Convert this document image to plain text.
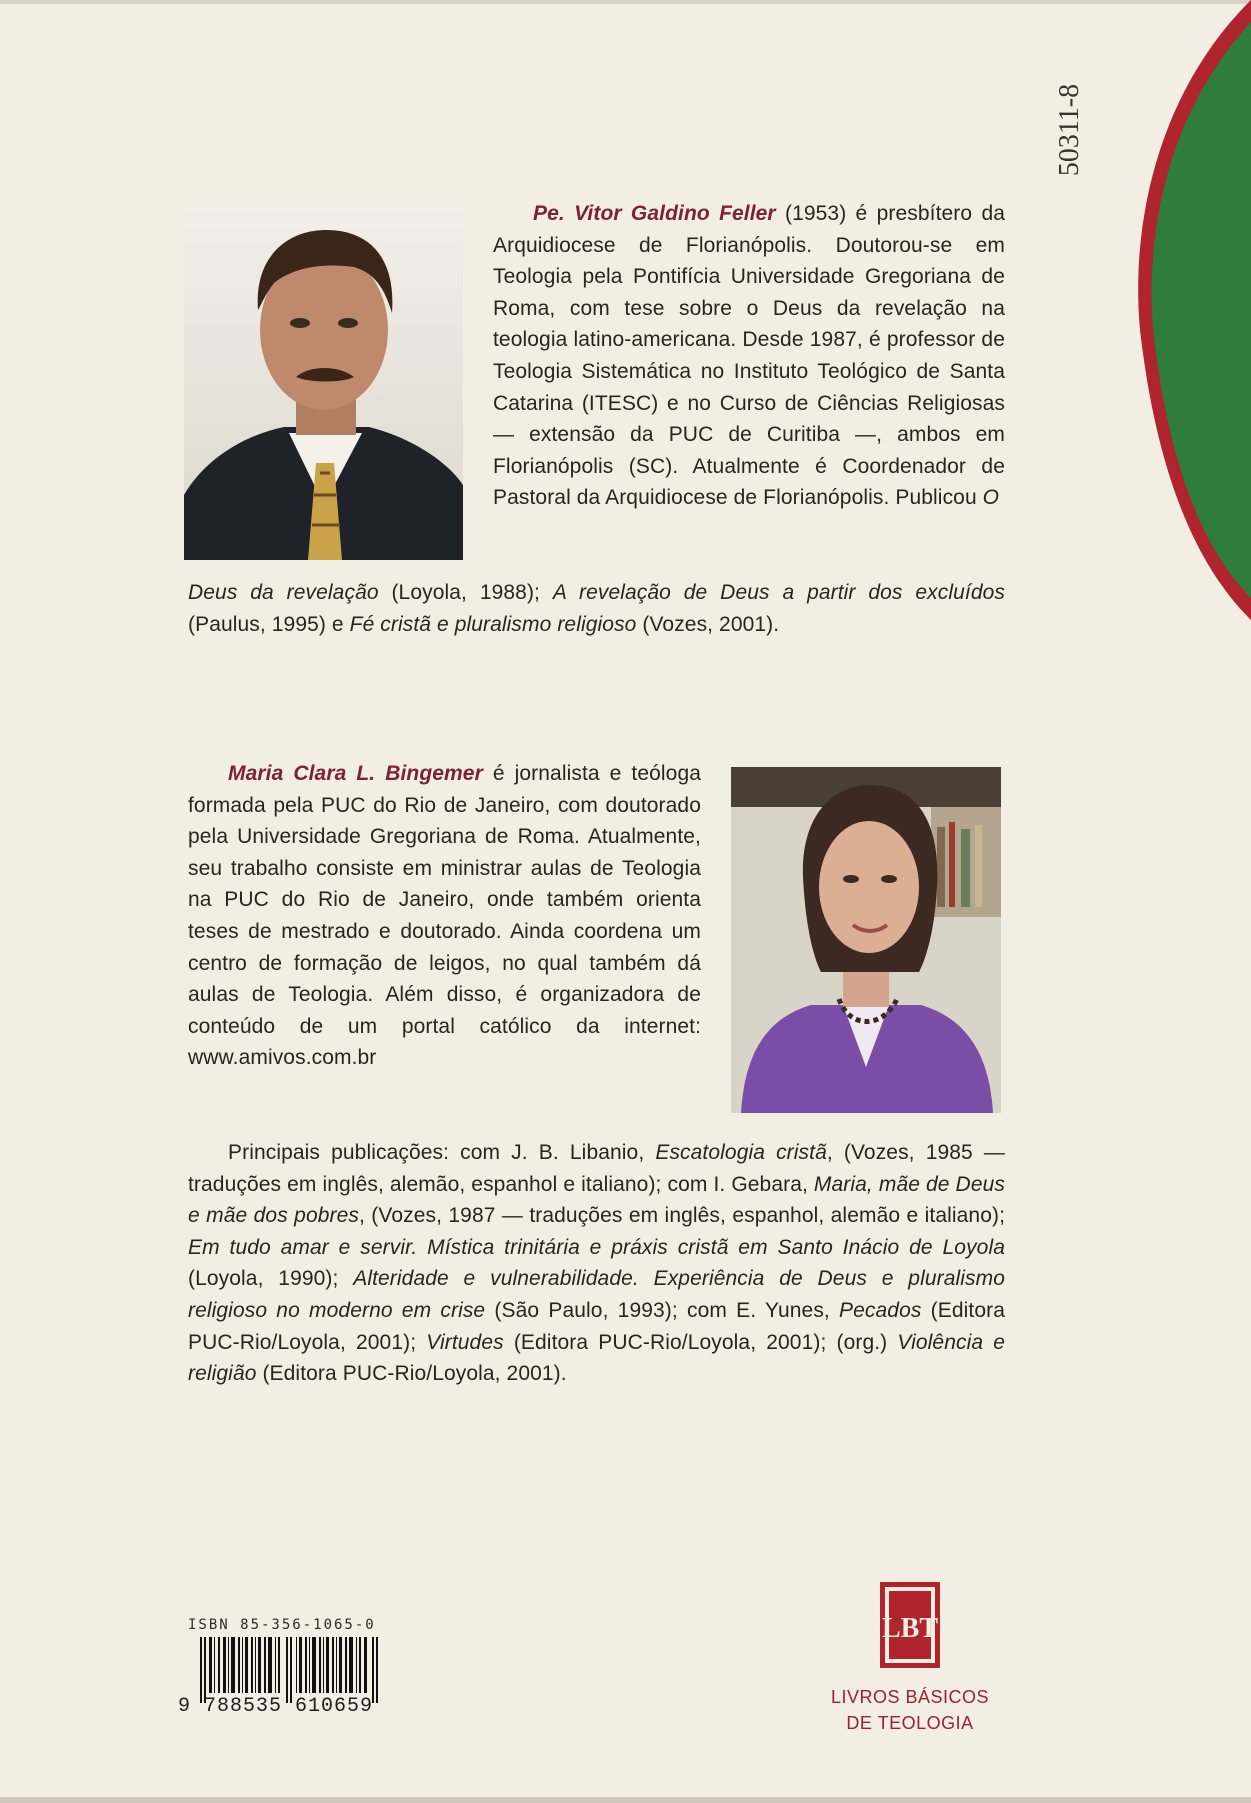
50311-8

Pe. Vitor Galdino Feller (1953) é presbítero da Arquidiocese de Florianópolis. Doutorou-se em Teologia pela Pontifícia Universidade Gregoriana de Roma, com tese sobre o Deus da revelação na teologia latino-americana. Desde 1987, é professor de Teologia Sistemática no Instituto Teológico de Santa Catarina (ITESC) e no Curso de Ciências Religiosas — extensão da PUC de Curitiba —, ambos em Florianópolis (SC). Atualmente é Coordenador de Pastoral da Arquidiocese de Florianópolis. Publicou O

Deus da revelação (Loyola, 1988); A revelação de Deus a partir dos excluídos (Paulus, 1995) e Fé cristã e pluralismo religioso (Vozes, 2001).

Maria Clara L. Bingemer é jornalista e teóloga formada pela PUC do Rio de Janeiro, com doutorado pela Universidade Gregoriana de Roma. Atualmente, seu trabalho consiste em ministrar aulas de Teologia na PUC do Rio de Janeiro, onde também orienta teses de mestrado e doutorado. Ainda coordena um centro de formação de leigos, no qual também dá aulas de Teologia. Além disso, é organizadora de conteúdo de um portal católico da internet: www.amivos.com.br

Principais publicações: com J. B. Libanio, Escatologia cristã, (Vozes, 1985 — traduções em inglês, alemão, espanhol e italiano); com I. Gebara, Maria, mãe de Deus e mãe dos pobres, (Vozes, 1987 — traduções em inglês, espanhol, alemão e italiano); Em tudo amar e servir. Mística trinitária e práxis cristã em Santo Inácio de Loyola (Loyola, 1990); Alteridade e vulnerabilidade. Experiência de Deus e pluralismo religioso no moderno em crise (São Paulo, 1993); com E. Yunes, Pecados (Editora PUC-Rio/Loyola, 2001); Virtudes (Editora PUC-Rio/Loyola, 2001); (org.) Violência e religião (Editora PUC-Rio/Loyola, 2001).

ISBN 85-356-1065-0
9 788535 610659
LBT
LIVROS BÁSICOS
DE TEOLOGIA
